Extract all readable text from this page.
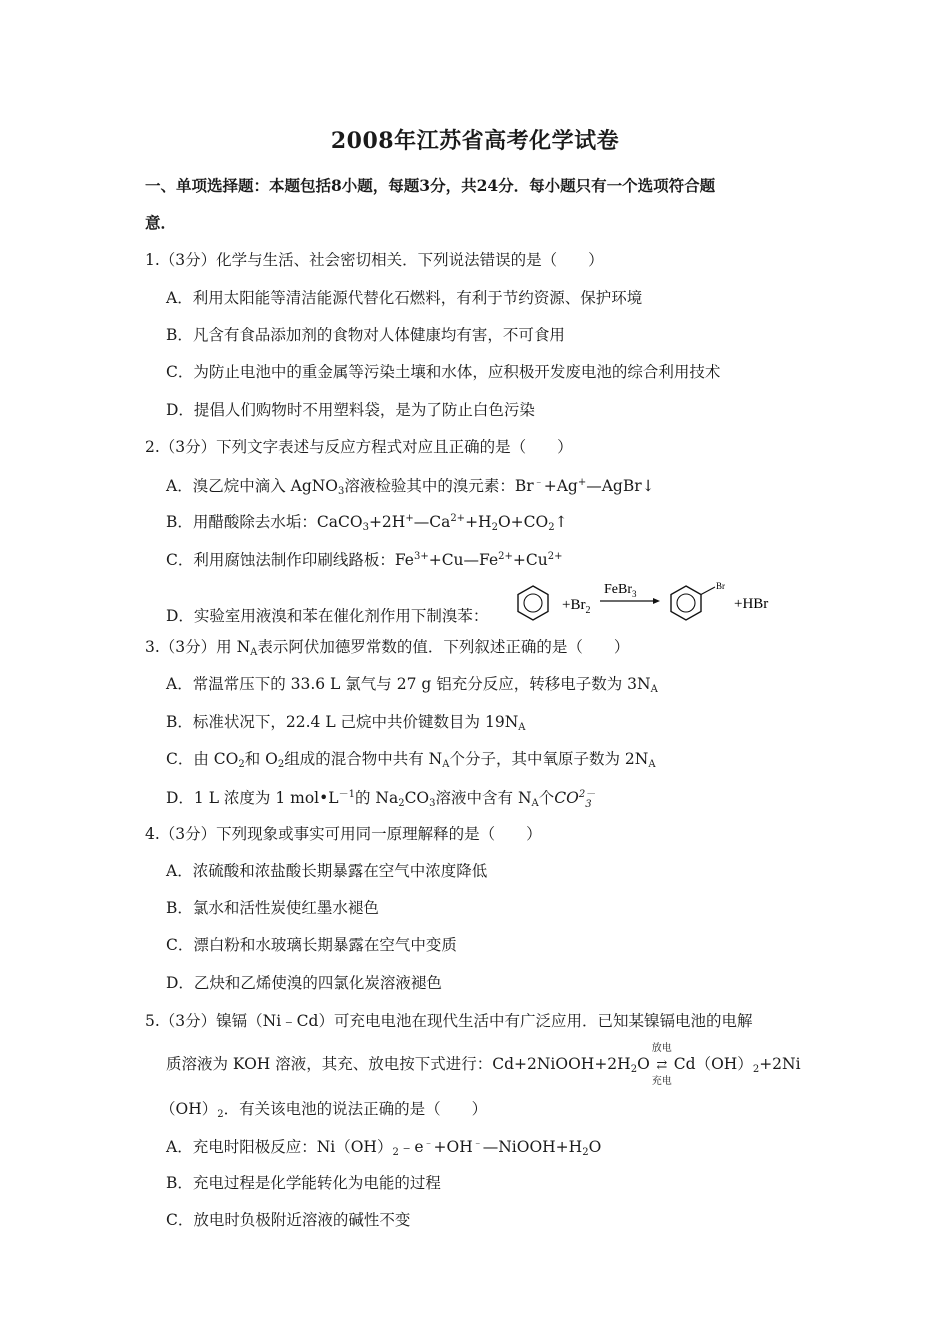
2008年江苏省高考化学试卷
一、单项选择题：本题包括8小题，每题3分，共24分．每小题只有一个选项符合题
意．
1.（3分）化学与生活、社会密切相关．下列说法错误的是（　　）
A．利用太阳能等清洁能源代替化石燃料，有利于节约资源、保护环境
B．凡含有食品添加剂的食物对人体健康均有害，不可食用
C．为防止电池中的重金属等污染土壤和水体，应积极开发废电池的综合利用技术
D．提倡人们购物时不用塑料袋，是为了防止白色污染
2.（3分）下列文字表述与反应方程式对应且正确的是（　　）
A．溴乙烷中滴入 AgNO$_3$溶液检验其中的溴元素：Br﹣+Ag+—AgBr↓
B．用醋酸除去水垢：$CaCO_3+2H^+—Ca^{2+}+H_2O+CO_2↑$
C．利用腐蚀法制作印刷线路板：$Fe^{3+}+Cu—Fe^{2+}+Cu^{2+}$
D．实验室用液溴和苯在催化剂作用下制溴苯：
$+Br_2$
FeBr$_3$
Br
+HBr
3.（3分）用 $N_A$表示阿伏加德罗常数的值．下列叙述正确的是（　　）
A．常温常压下的 33.6 L 氯气与 27 g 铝充分反应，转移电子数为 $3N_A$
B．标准状况下，22.4 L 己烷中共价键数目为 $19N_A$
C．由 $CO_2$和 $O_2$组成的混合物中共有 $N_A$个分子，其中氧原子数为 $2N_A$
D．1 L 浓度为 1 $mol•L^{-1}$的 $Na_2CO_3$溶液中含有 $N_A$个$CO^{2-}_3$
4.（3分）下列现象或事实可用同一原理解释的是（　　）
A．浓硫酸和浓盐酸长期暴露在空气中浓度降低
B．氯水和活性炭使红墨水褪色
C．漂白粉和水玻璃长期暴露在空气中变质
D．乙炔和乙烯使溴的四氯化炭溶液褪色
5.（3分）镍镉（Ni﹣Cd）可充电电池在现代生活中有广泛应用．已知某镍镉电池的电解
质溶液为 KOH 溶液，其充、放电按下式进行：$Cd+2NiOOH+2H_2O$
放电
⇄
充电
$Cd(OH)_2+2Ni$
$(OH)_2$．有关该电池的说法正确的是（　　）
A．充电时阳极反应：$Ni(OH)_2﹣e^﹣+OH^﹣—NiOOH+H_2O$
B．充电过程是化学能转化为电能的过程
C．放电时负极附近溶液的碱性不变
